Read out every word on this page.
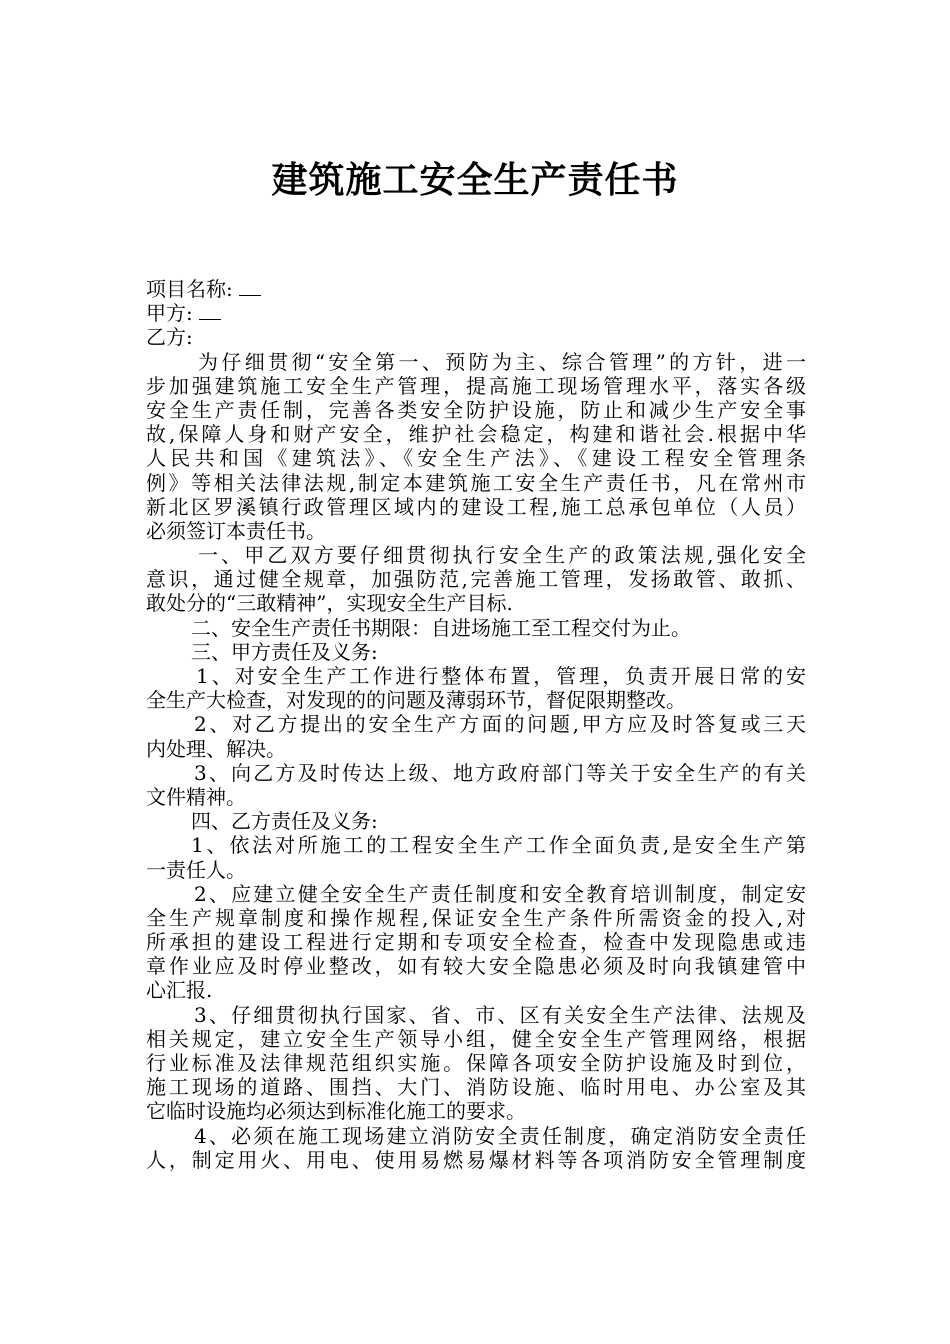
建筑施工安全生产责任书
项目名称:
甲方:
乙方:
为仔细贯彻“安全第一、预防为主、综合管理”的方针，进一
步加强建筑施工安全生产管理，提高施工现场管理水平，落实各级
安全生产责任制，完善各类安全防护设施，防止和减少生产安全事
故,保障人身和财产安全，维护社会稳定，构建和谐社会.根据中华
人民共和国《建筑法》、《安全生产法》、《建设工程安全管理条
例》等相关法律法规,制定本建筑施工安全生产责任书，凡在常州市
新北区罗溪镇行政管理区域内的建设工程,施工总承包单位（人员）
必须签订本责任书。
一、甲乙双方要仔细贯彻执行安全生产的政策法规,强化安全
意识，通过健全规章，加强防范,完善施工管理，发扬敢管、敢抓、
敢处分的“三敢精神”，实现安全生产目标.
二、安全生产责任书期限：自进场施工至工程交付为止。
三、甲方责任及义务:
1、对安全生产工作进行整体布置，管理，负责开展日常的安
全生产大检查，对发现的的问题及薄弱环节，督促限期整改。
2、对乙方提出的安全生产方面的问题,甲方应及时答复或三天
内处理、解决。
3、向乙方及时传达上级、地方政府部门等关于安全生产的有关
文件精神。
四、乙方责任及义务:
1、依法对所施工的工程安全生产工作全面负责,是安全生产第
一责任人。
2、应建立健全安全生产责任制度和安全教育培训制度，制定安
全生产规章制度和操作规程,保证安全生产条件所需资金的投入,对
所承担的建设工程进行定期和专项安全检查，检查中发现隐患或违
章作业应及时停业整改，如有较大安全隐患必须及时向我镇建管中
心汇报.
3、仔细贯彻执行国家、省、市、区有关安全生产法律、法规及
相关规定，建立安全生产领导小组，健全安全生产管理网络，根据
行业标准及法律规范组织实施。保障各项安全防护设施及时到位，
施工现场的道路、围挡、大门、消防设施、临时用电、办公室及其
它临时设施均必须达到标准化施工的要求。
4、必须在施工现场建立消防安全责任制度，确定消防安全责任
人，制定用火、用电、使用易燃易爆材料等各项消防安全管理制度
